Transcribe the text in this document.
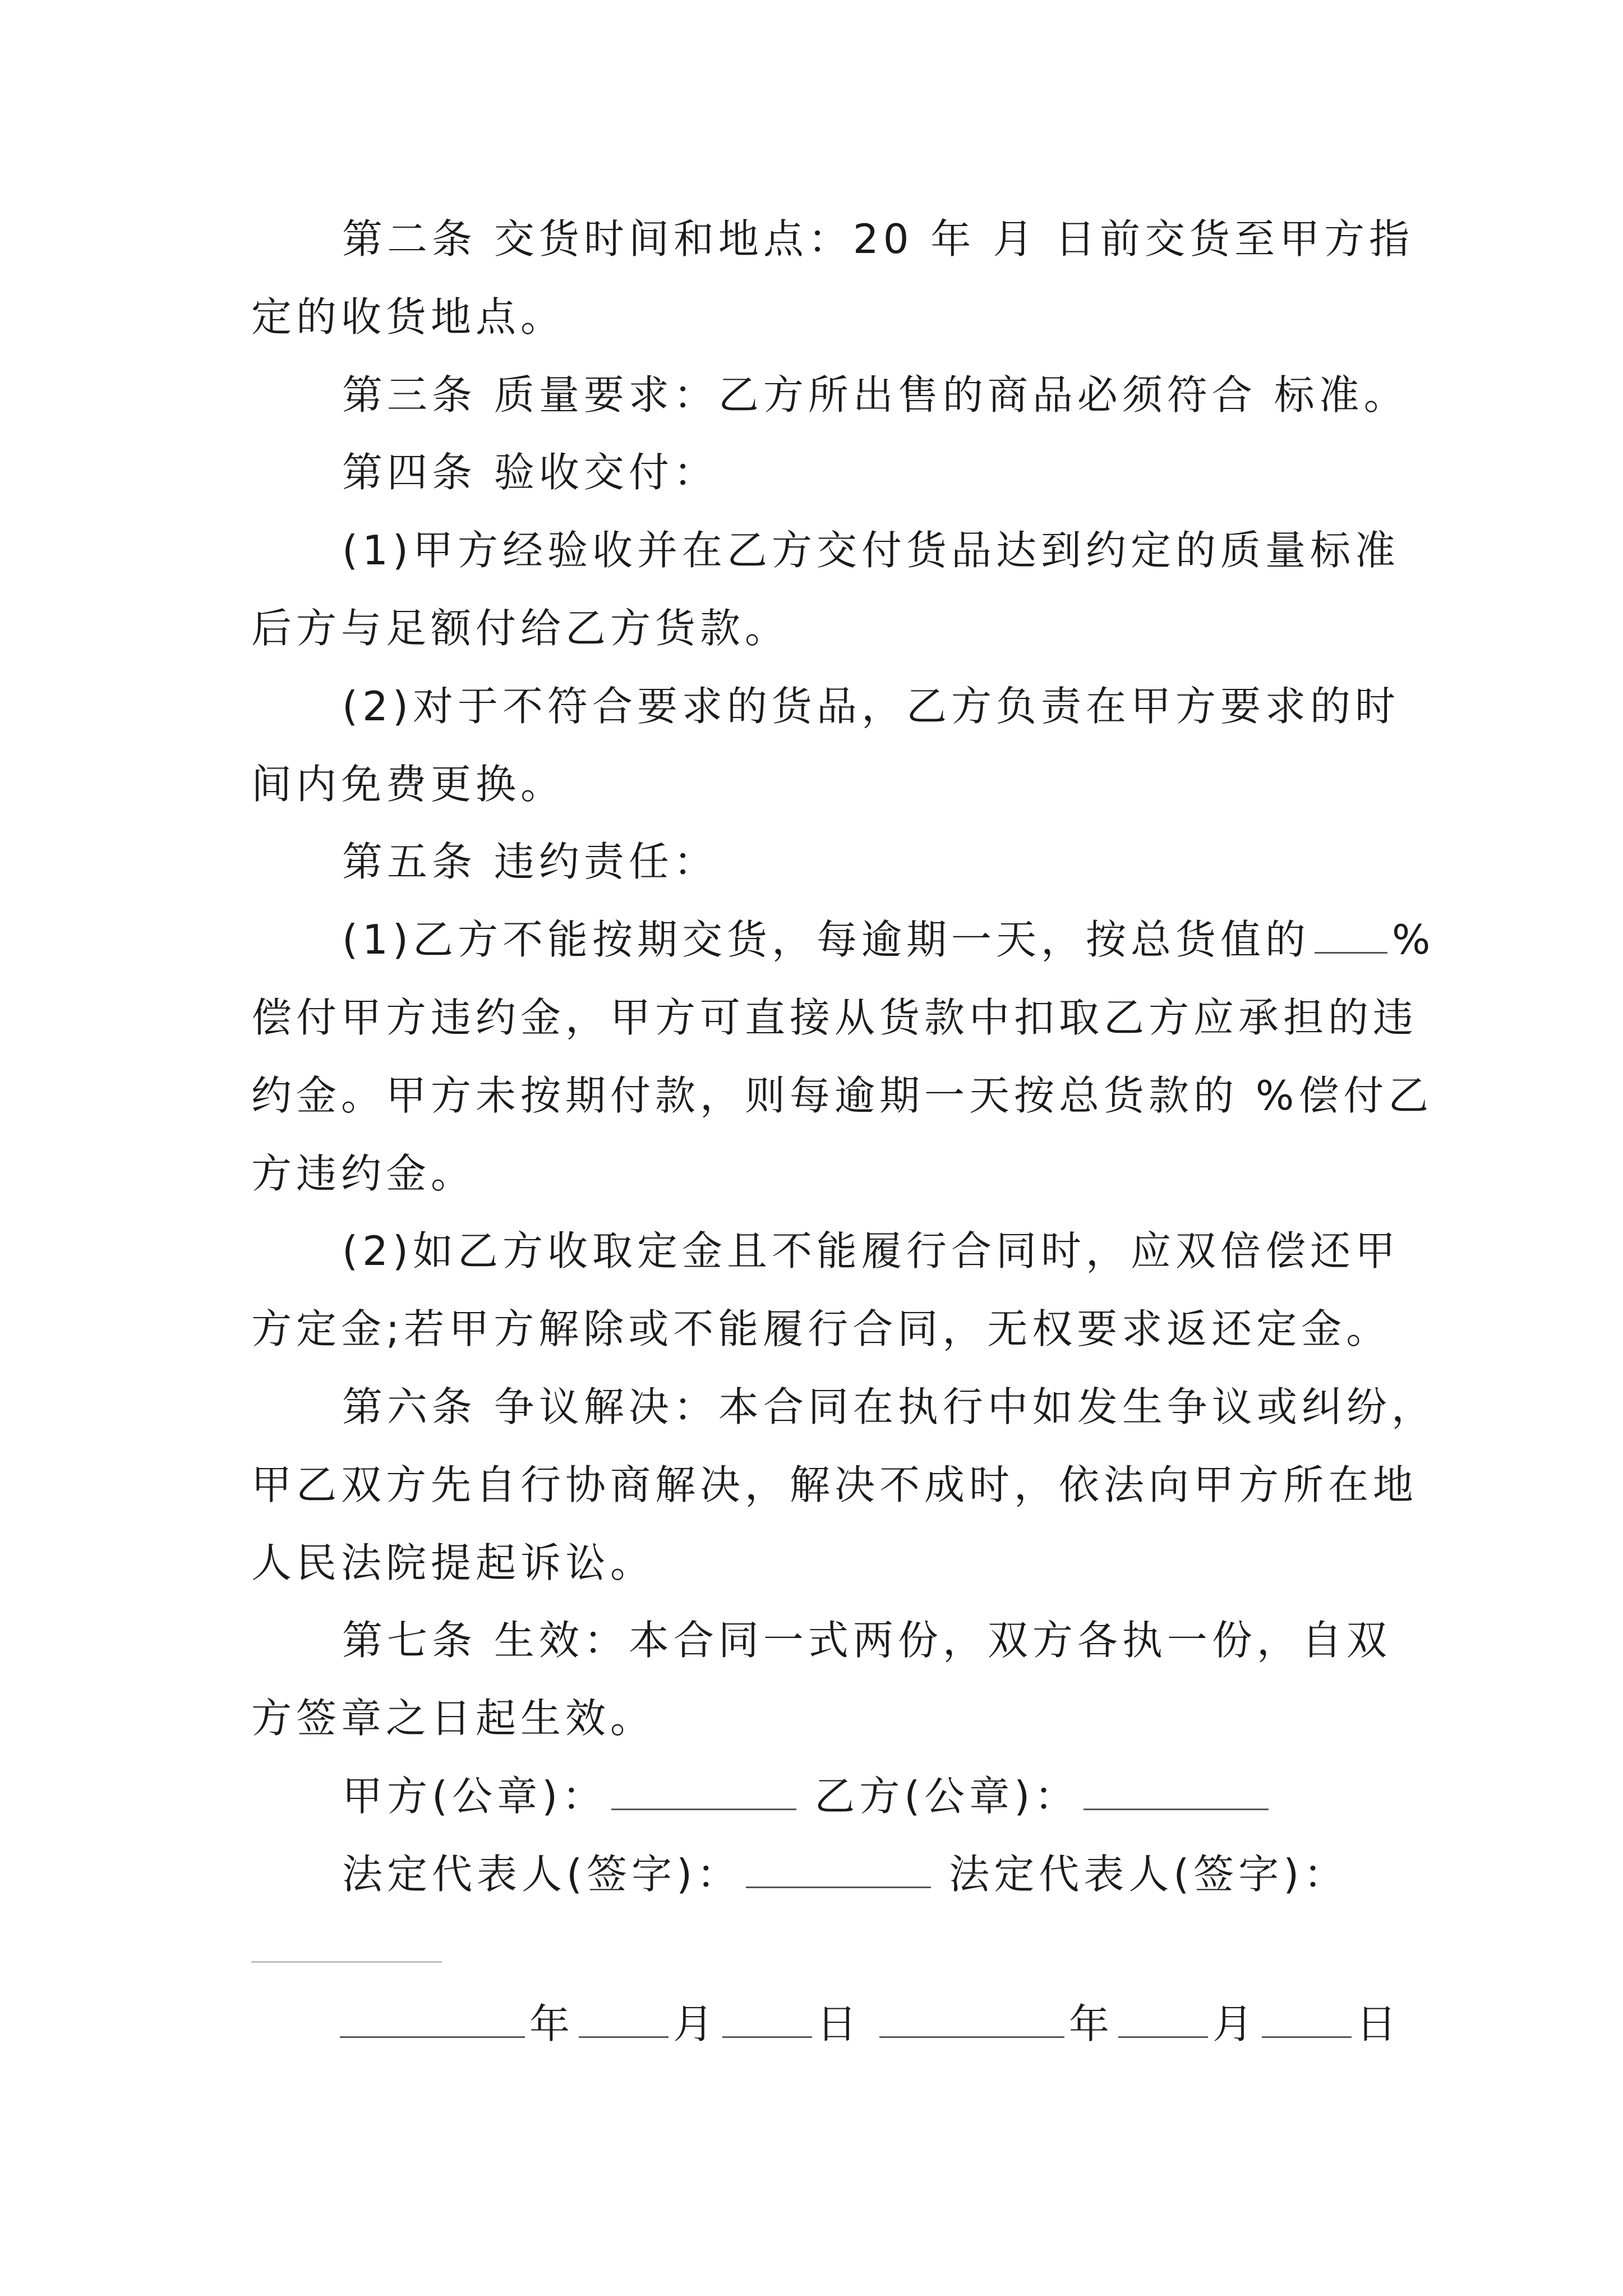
第二条 交货时间和地点：20 年 月 日前交货至甲方指
定的收货地点。
第三条 质量要求：乙方所出售的商品必须符合 标准。
第四条 验收交付：
(1)甲方经验收并在乙方交付货品达到约定的质量标准
后方与足额付给乙方货款。
(2)对于不符合要求的货品，乙方负责在甲方要求的时
间内免费更换。
第五条 违约责任：
(1)乙方不能按期交货，每逾期一天，按总货值的 %
偿付甲方违约金，甲方可直接从货款中扣取乙方应承担的违
约金。甲方未按期付款，则每逾期一天按总货款的 %偿付乙
方违约金。
(2)如乙方收取定金且不能履行合同时，应双倍偿还甲
方定金;若甲方解除或不能履行合同，无权要求返还定金。
第六条 争议解决：本合同在执行中如发生争议或纠纷，
甲乙双方先自行协商解决，解决不成时，依法向甲方所在地
人民法院提起诉讼。
第七条 生效：本合同一式两份，双方各执一份，自双
方签章之日起生效。
甲方(公章)：	乙方(公章)：
法定代表人(签字)：	法定代表人(签字)：
年 月 日	年 月 日
